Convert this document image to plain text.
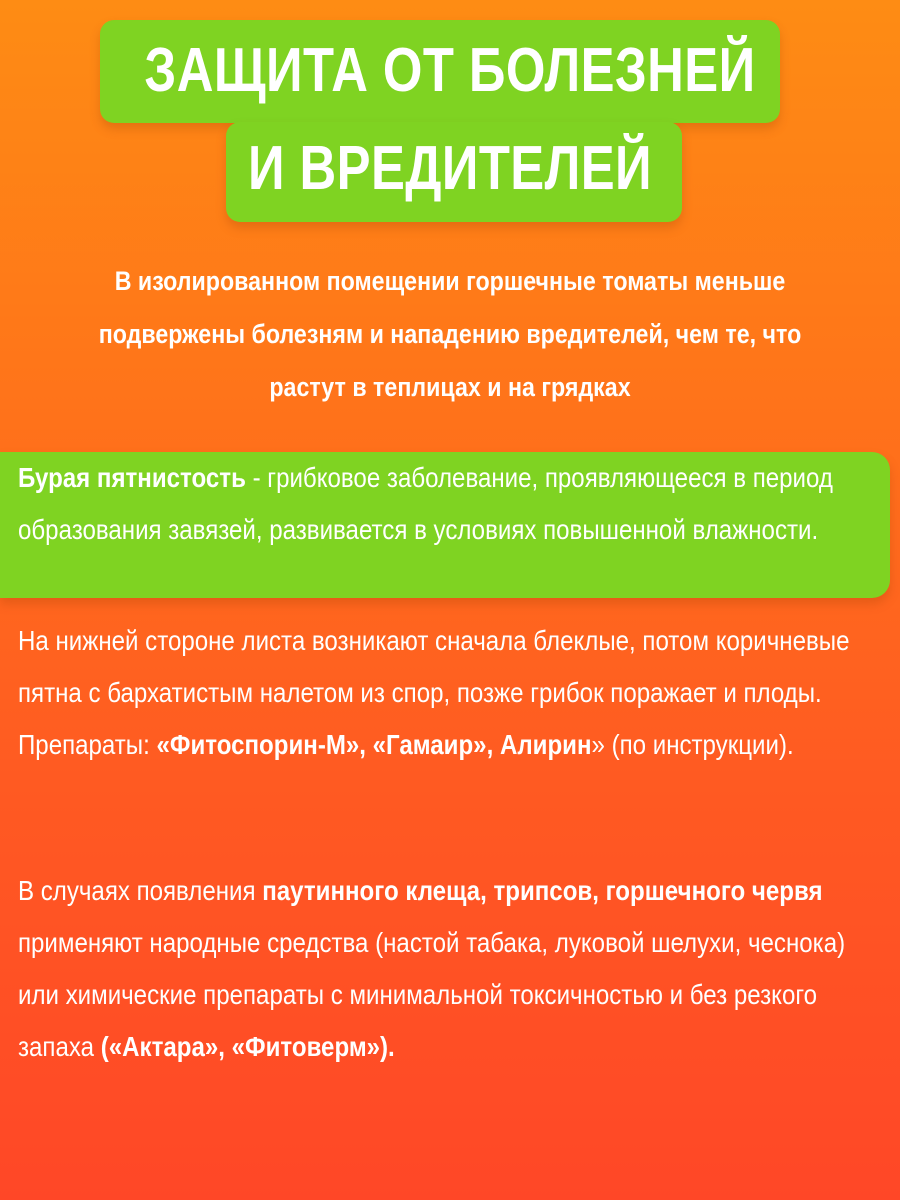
ЗАЩИТА ОТ БОЛЕЗНЕЙ
И ВРЕДИТЕЛЕЙ
В изолированном помещении горшечные томаты меньше подвержены болезням и нападению вредителей, чем те, что растут в теплицах и на грядках
Бурая пятнистость - грибковое заболевание, проявляющееся в период образования завязей, развивается в условиях повышенной влажности.
На нижней стороне листа возникают сначала блеклые, потом коричневые пятна с бархатистым налетом из спор, позже грибок поражает и плоды. Препараты: «Фитоспорин-М», «Гамаир», Алирин» (по инструкции).
В случаях появления паутинного клеща, трипсов, горшечного червя применяют народные средства (настой табака, луковой шелухи, чеснока) или химические препараты с минимальной токсичностью и без резкого запаха («Актара», «Фитоверм»).
